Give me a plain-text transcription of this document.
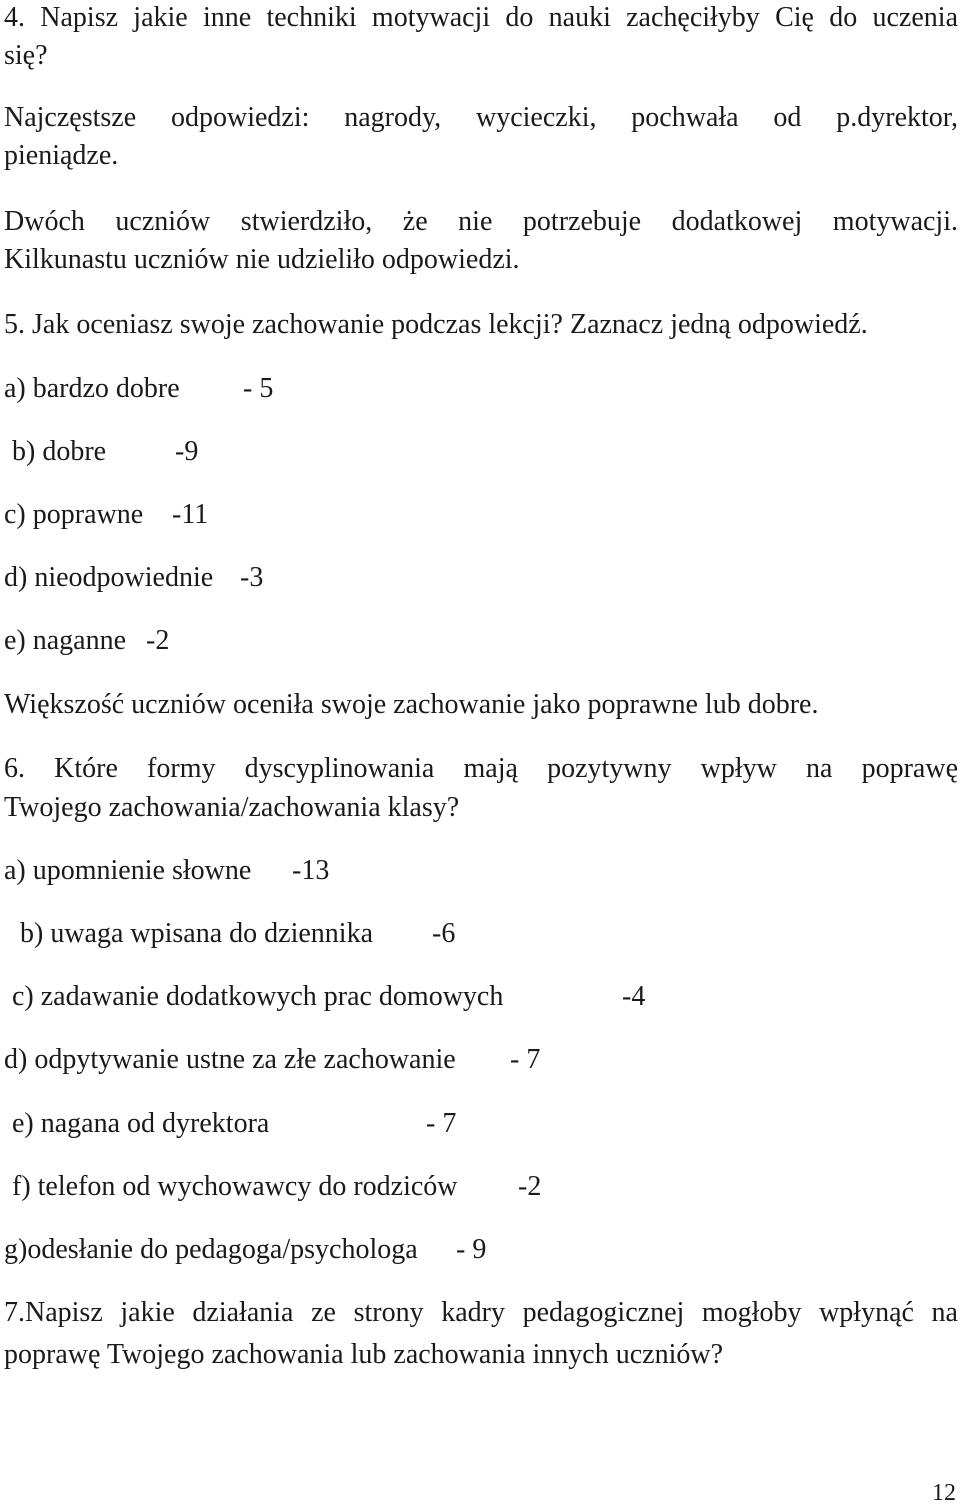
4. Napisz jakie inne techniki motywacji do nauki zachęciłyby Cię do uczenia
się?
Najczęstsze odpowiedzi: nagrody, wycieczki, pochwała od p.dyrektor,
pieniądze.
Dwóch uczniów stwierdziło, że nie potrzebuje dodatkowej motywacji.
Kilkunastu uczniów nie udzieliło odpowiedzi.
5. Jak oceniasz swoje zachowanie podczas lekcji? Zaznacz jedną odpowiedź.
a) bardzo dobre - 5
b) dobre -9
c) poprawne -11
d) nieodpowiednie -3
e) naganne -2
Większość uczniów oceniła swoje zachowanie jako poprawne lub dobre.
6. Które formy dyscyplinowania mają pozytywny wpływ na poprawę
Twojego zachowania/zachowania klasy?
a) upomnienie słowne -13
b) uwaga wpisana do dziennika -6
c) zadawanie dodatkowych prac domowych	-4
d) odpytywanie ustne za złe zachowanie - 7
e) nagana od dyrektora	- 7
f) telefon od wychowawcy do rodziców -2
g)odesłanie do pedagoga/psychologa - 9
7.Napisz jakie działania ze strony kadry pedagogicznej mogłoby wpłynąć na
poprawę Twojego zachowania lub zachowania innych uczniów?
12
